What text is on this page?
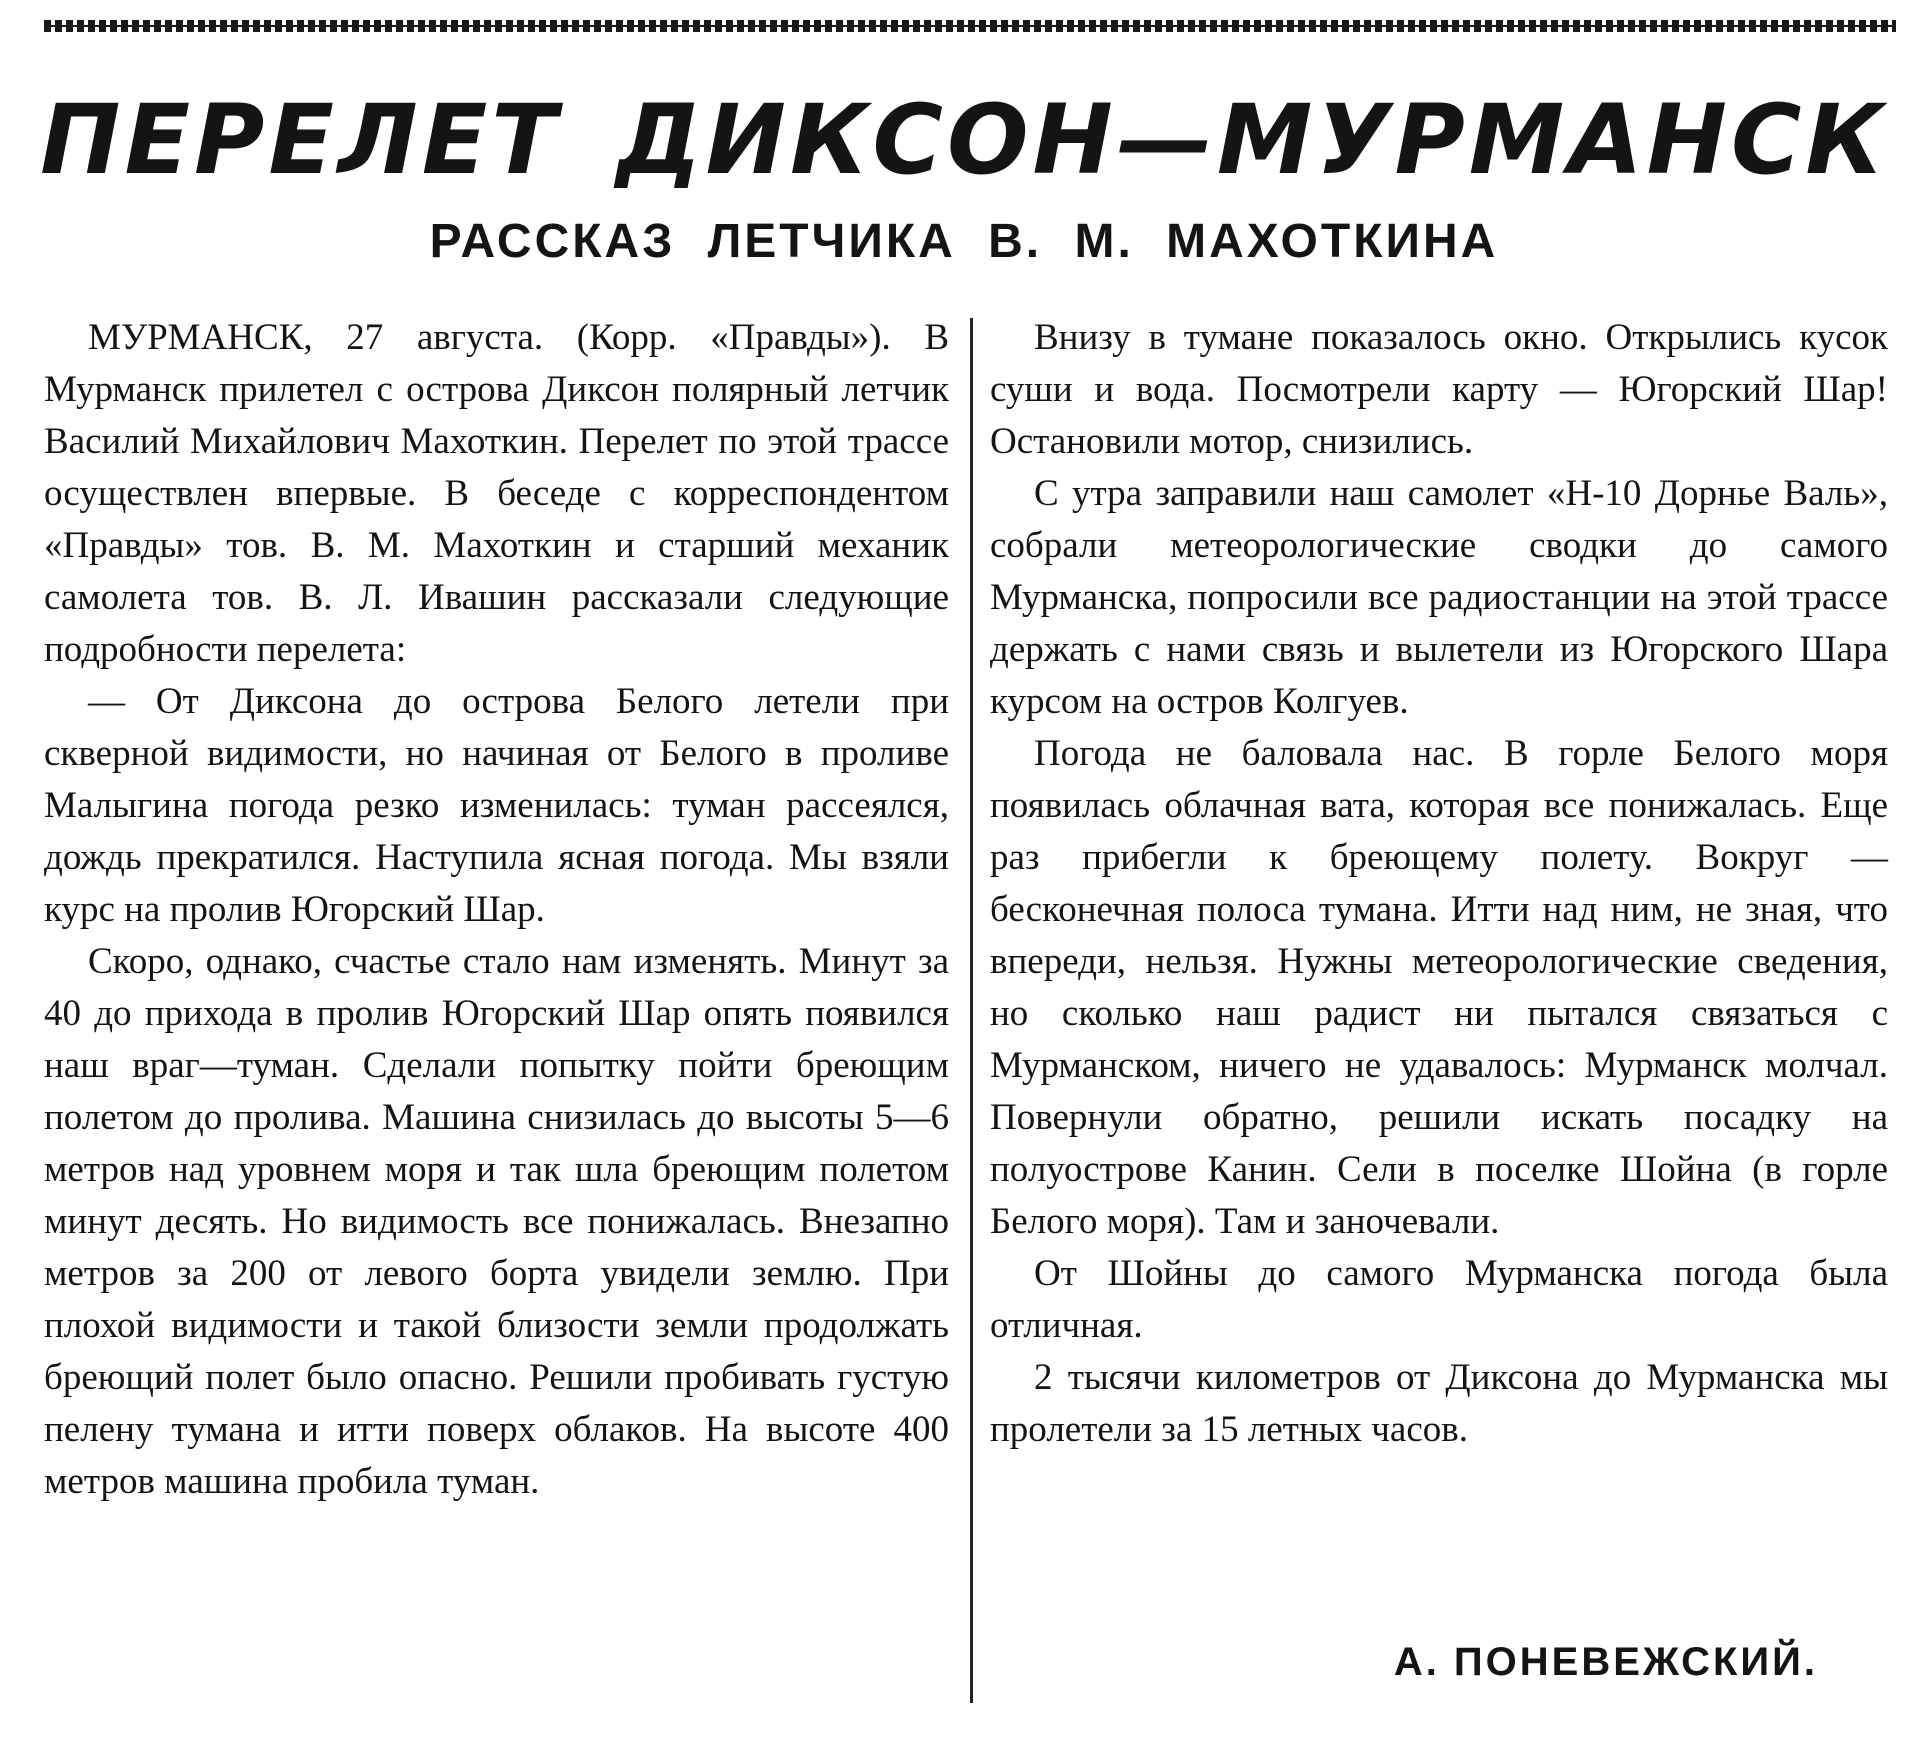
ПЕРЕЛЕТ ДИКСОН—МУРМАНСК
РАССКАЗ ЛЕТЧИКА В. М. МАХОТКИНА

МУРМАНСК, 27 августа. (Корр. «Правды»). В Мурманск прилетел с острова Диксон полярный летчик Василий Михайлович Махоткин. Перелет по этой трассе осуществлен впервые. В беседе с корреспондентом «Правды» тов. В. М. Махоткин и старший механик самолета тов. В. Л. Ивашин рассказали следующие подробности перелета:

— От Диксона до острова Белого летели при скверной видимости, но начиная от Белого в проливе Малыгина погода резко изменилась: туман рассеялся, дождь прекратился. Наступила ясная погода. Мы взяли курс на пролив Югорский Шар.

Скоро, однако, счастье стало нам изменять. Минут за 40 до прихода в пролив Югорский Шар опять появился наш враг—туман. Сделали попытку пойти бреющим полетом до пролива. Машина снизилась до высоты 5—6 метров над уровнем моря и так шла бреющим полетом минут десять. Но видимость все понижалась. Внезапно метров за 200 от левого борта увидели землю. При плохой видимости и такой близости земли продолжать бреющий полет было опасно. Решили пробивать густую пелену тумана и итти поверх облаков. На высоте 400 метров машина пробила туман.

Внизу в тумане показалось окно. Открылись кусок суши и вода. Посмотрели карту — Югорский Шар! Остановили мотор, снизились.

С утра заправили наш самолет «Н-10 Дорнье Валь», собрали метеорологические сводки до самого Мурманска, попросили все радиостанции на этой трассе держать с нами связь и вылетели из Югорского Шара курсом на остров Колгуев.

Погода не баловала нас. В горле Белого моря появилась облачная вата, которая все понижалась. Еще раз прибегли к бреющему полету. Вокруг — бесконечная полоса тумана. Итти над ним, не зная, что впереди, нельзя. Нужны метеорологические сведения, но сколько наш радист ни пытался связаться с Мурманском, ничего не удавалось: Мурманск молчал. Повернули обратно, решили искать посадку на полуострове Канин. Сели в поселке Шойна (в горле Белого моря). Там и заночевали.

От Шойны до самого Мурманска погода была отличная.

2 тысячи километров от Диксона до Мурманска мы пролетели за 15 летных часов.

А. ПОНЕВЕЖСКИЙ.
